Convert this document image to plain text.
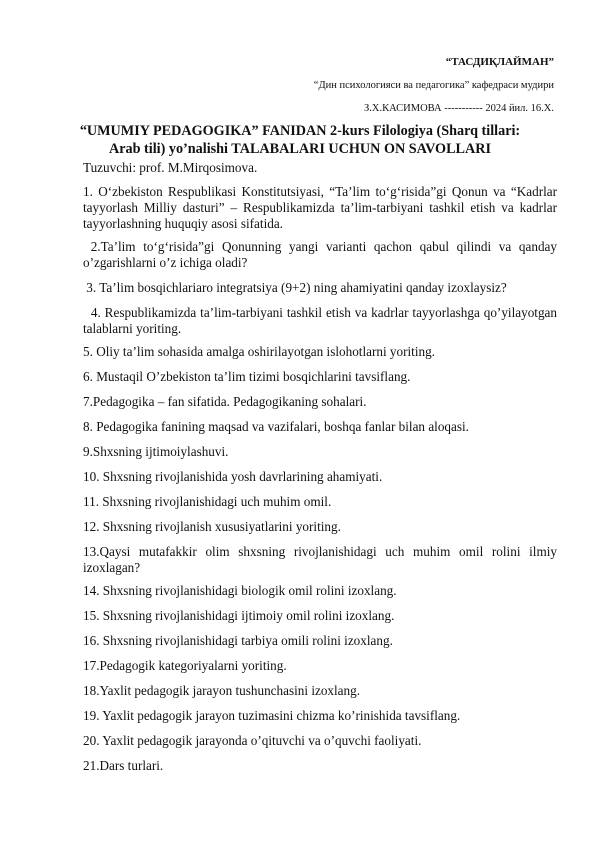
“ТАСДИҚЛАЙМАН”
“Дин психологияси ва педагогика” кафедраси мудири
З.Х.КАСИМОВА ----------- 2024 йил. 16.Х.
“UMUMIY PEDAGOGIKA” FANIDAN 2-kurs Filologiya (Sharq tillari:
Arab tili) yo’nalishi TALABALARI UCHUN ON SAVOLLARI

Tuzuvchi: prof. M.Mirqosimova.

1. O‘zbekiston Respublikasi Konstitutsiyasi, “Ta’lim to‘g‘risida”gi Qonun va “Kadrlar tayyorlash Milliy dasturi” – Respublikamizda ta’lim-tarbiyani tashkil etish va kadrlar tayyorlashning huquqiy asosi sifatida.

2.Ta’lim to‘g‘risida”gi Qonunning yangi varianti qachon qabul qilindi va qanday o’zgarishlarni o’z ichiga oladi?

3. Ta’lim bosqichlariaro integratsiya (9+2) ning ahamiyatini qanday izoxlaysiz?

4. Respublikamizda ta’lim-tarbiyani tashkil etish va kadrlar tayyorlashga qo’yilayotgan talablarni yoriting.

5. Oliy ta’lim sohasida amalga oshirilayotgan islohotlarni yoriting.

6. Mustaqil O’zbekiston ta’lim tizimi bosqichlarini tavsiflang.

7.Pedagogika – fan sifatida. Pedagogikaning sohalari.

8. Pedagogika fanining maqsad va vazifalari, boshqa fanlar bilan aloqasi.

9.Shxsning ijtimoiylashuvi.

10. Shxsning rivojlanishida yosh davrlarining ahamiyati.

11. Shxsning rivojlanishidagi uch muhim omil.

12. Shxsning rivojlanish xususiyatlarini yoriting.

13.Qaysi mutafakkir olim shxsning rivojlanishidagi uch muhim omil rolini ilmiy izoxlagan?

14. Shxsning rivojlanishidagi biologik omil rolini izoxlang.

15. Shxsning rivojlanishidagi ijtimoiy omil rolini izoxlang.

16. Shxsning rivojlanishidagi tarbiya omili rolini izoxlang.

17.Pedagogik kategoriyalarni yoriting.

18.Yaxlit pedagogik jarayon tushunchasini izoxlang.

19. Yaxlit pedagogik jarayon tuzimasini chizma ko’rinishida tavsiflang.

20. Yaxlit pedagogik jarayonda o’qituvchi va o’quvchi faoliyati.

21.Dars turlari.
